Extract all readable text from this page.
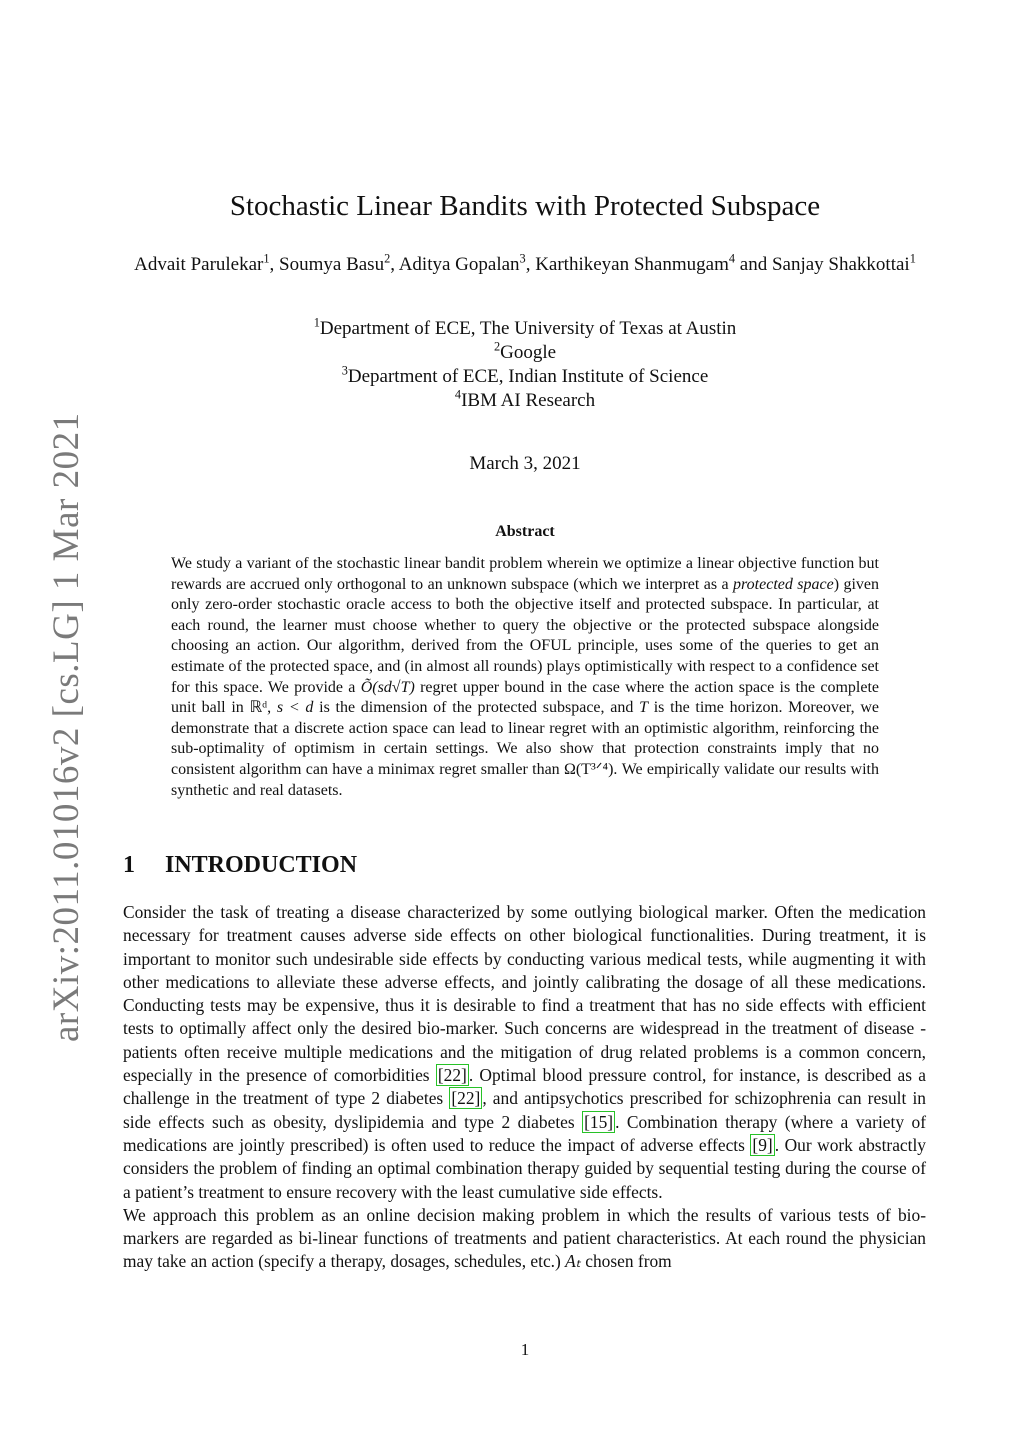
arXiv:2011.01016v2 [cs.LG] 1 Mar 2021
Stochastic Linear Bandits with Protected Subspace
Advait Parulekar$^1$, Soumya Basu$^2$, Aditya Gopalan$^3$, Karthikeyan Shanmugam$^4$ and Sanjay Shakkottai$^1$
$^1$Department of ECE, The University of Texas at Austin
$^2$Google
$^3$Department of ECE, Indian Institute of Science
$^4$IBM AI Research
March 3, 2021
Abstract
We study a variant of the stochastic linear bandit problem wherein we optimize a linear objective function but rewards are accrued only orthogonal to an unknown subspace (which we interpret as a protected space) given only zero-order stochastic oracle access to both the objective itself and protected subspace. In particular, at each round, the learner must choose whether to query the objective or the protected subspace alongside choosing an action. Our algorithm, derived from the OFUL principle, uses some of the queries to get an estimate of the protected space, and (in almost all rounds) plays optimistically with respect to a confidence set for this space. We provide a Õ(sd√T) regret upper bound in the case where the action space is the complete unit ball in ℝᵈ, s < d is the dimension of the protected subspace, and T is the time horizon. Moreover, we demonstrate that a discrete action space can lead to linear regret with an optimistic algorithm, reinforcing the sub-optimality of optimism in certain settings. We also show that protection constraints imply that no consistent algorithm can have a minimax regret smaller than Ω(T³ᐟ⁴). We empirically validate our results with synthetic and real datasets.
1 INTRODUCTION

Consider the task of treating a disease characterized by some outlying biological marker. Often the medication necessary for treatment causes adverse side effects on other biological functionalities. During treatment, it is important to monitor such undesirable side effects by conducting various medical tests, while augmenting it with other medications to alleviate these adverse effects, and jointly calibrating the dosage of all these medications. Conducting tests may be expensive, thus it is desirable to find a treatment that has no side effects with efficient tests to optimally affect only the desired bio-marker. Such concerns are widespread in the treatment of disease - patients often receive multiple medications and the mitigation of drug related problems is a common concern, especially in the presence of comorbidities [22] . Optimal blood pressure control, for instance, is described as a challenge in the treatment of type 2 diabetes [22] , and antipsychotics prescribed for schizophrenia can result in side effects such as obesity, dyslipidemia and type 2 diabetes [15] . Combination therapy (where a variety of medications are jointly prescribed) is often used to reduce the impact of adverse effects [9] . Our work abstractly considers the problem of finding an optimal combination therapy guided by sequential testing during the course of a patient’s treatment to ensure recovery with the least cumulative side effects.

We approach this problem as an online decision making problem in which the results of various tests of bio-markers are regarded as bi-linear functions of treatments and patient characteristics. At each round the physician may take an action (specify a therapy, dosages, schedules, etc.) Aₜ chosen from

1
